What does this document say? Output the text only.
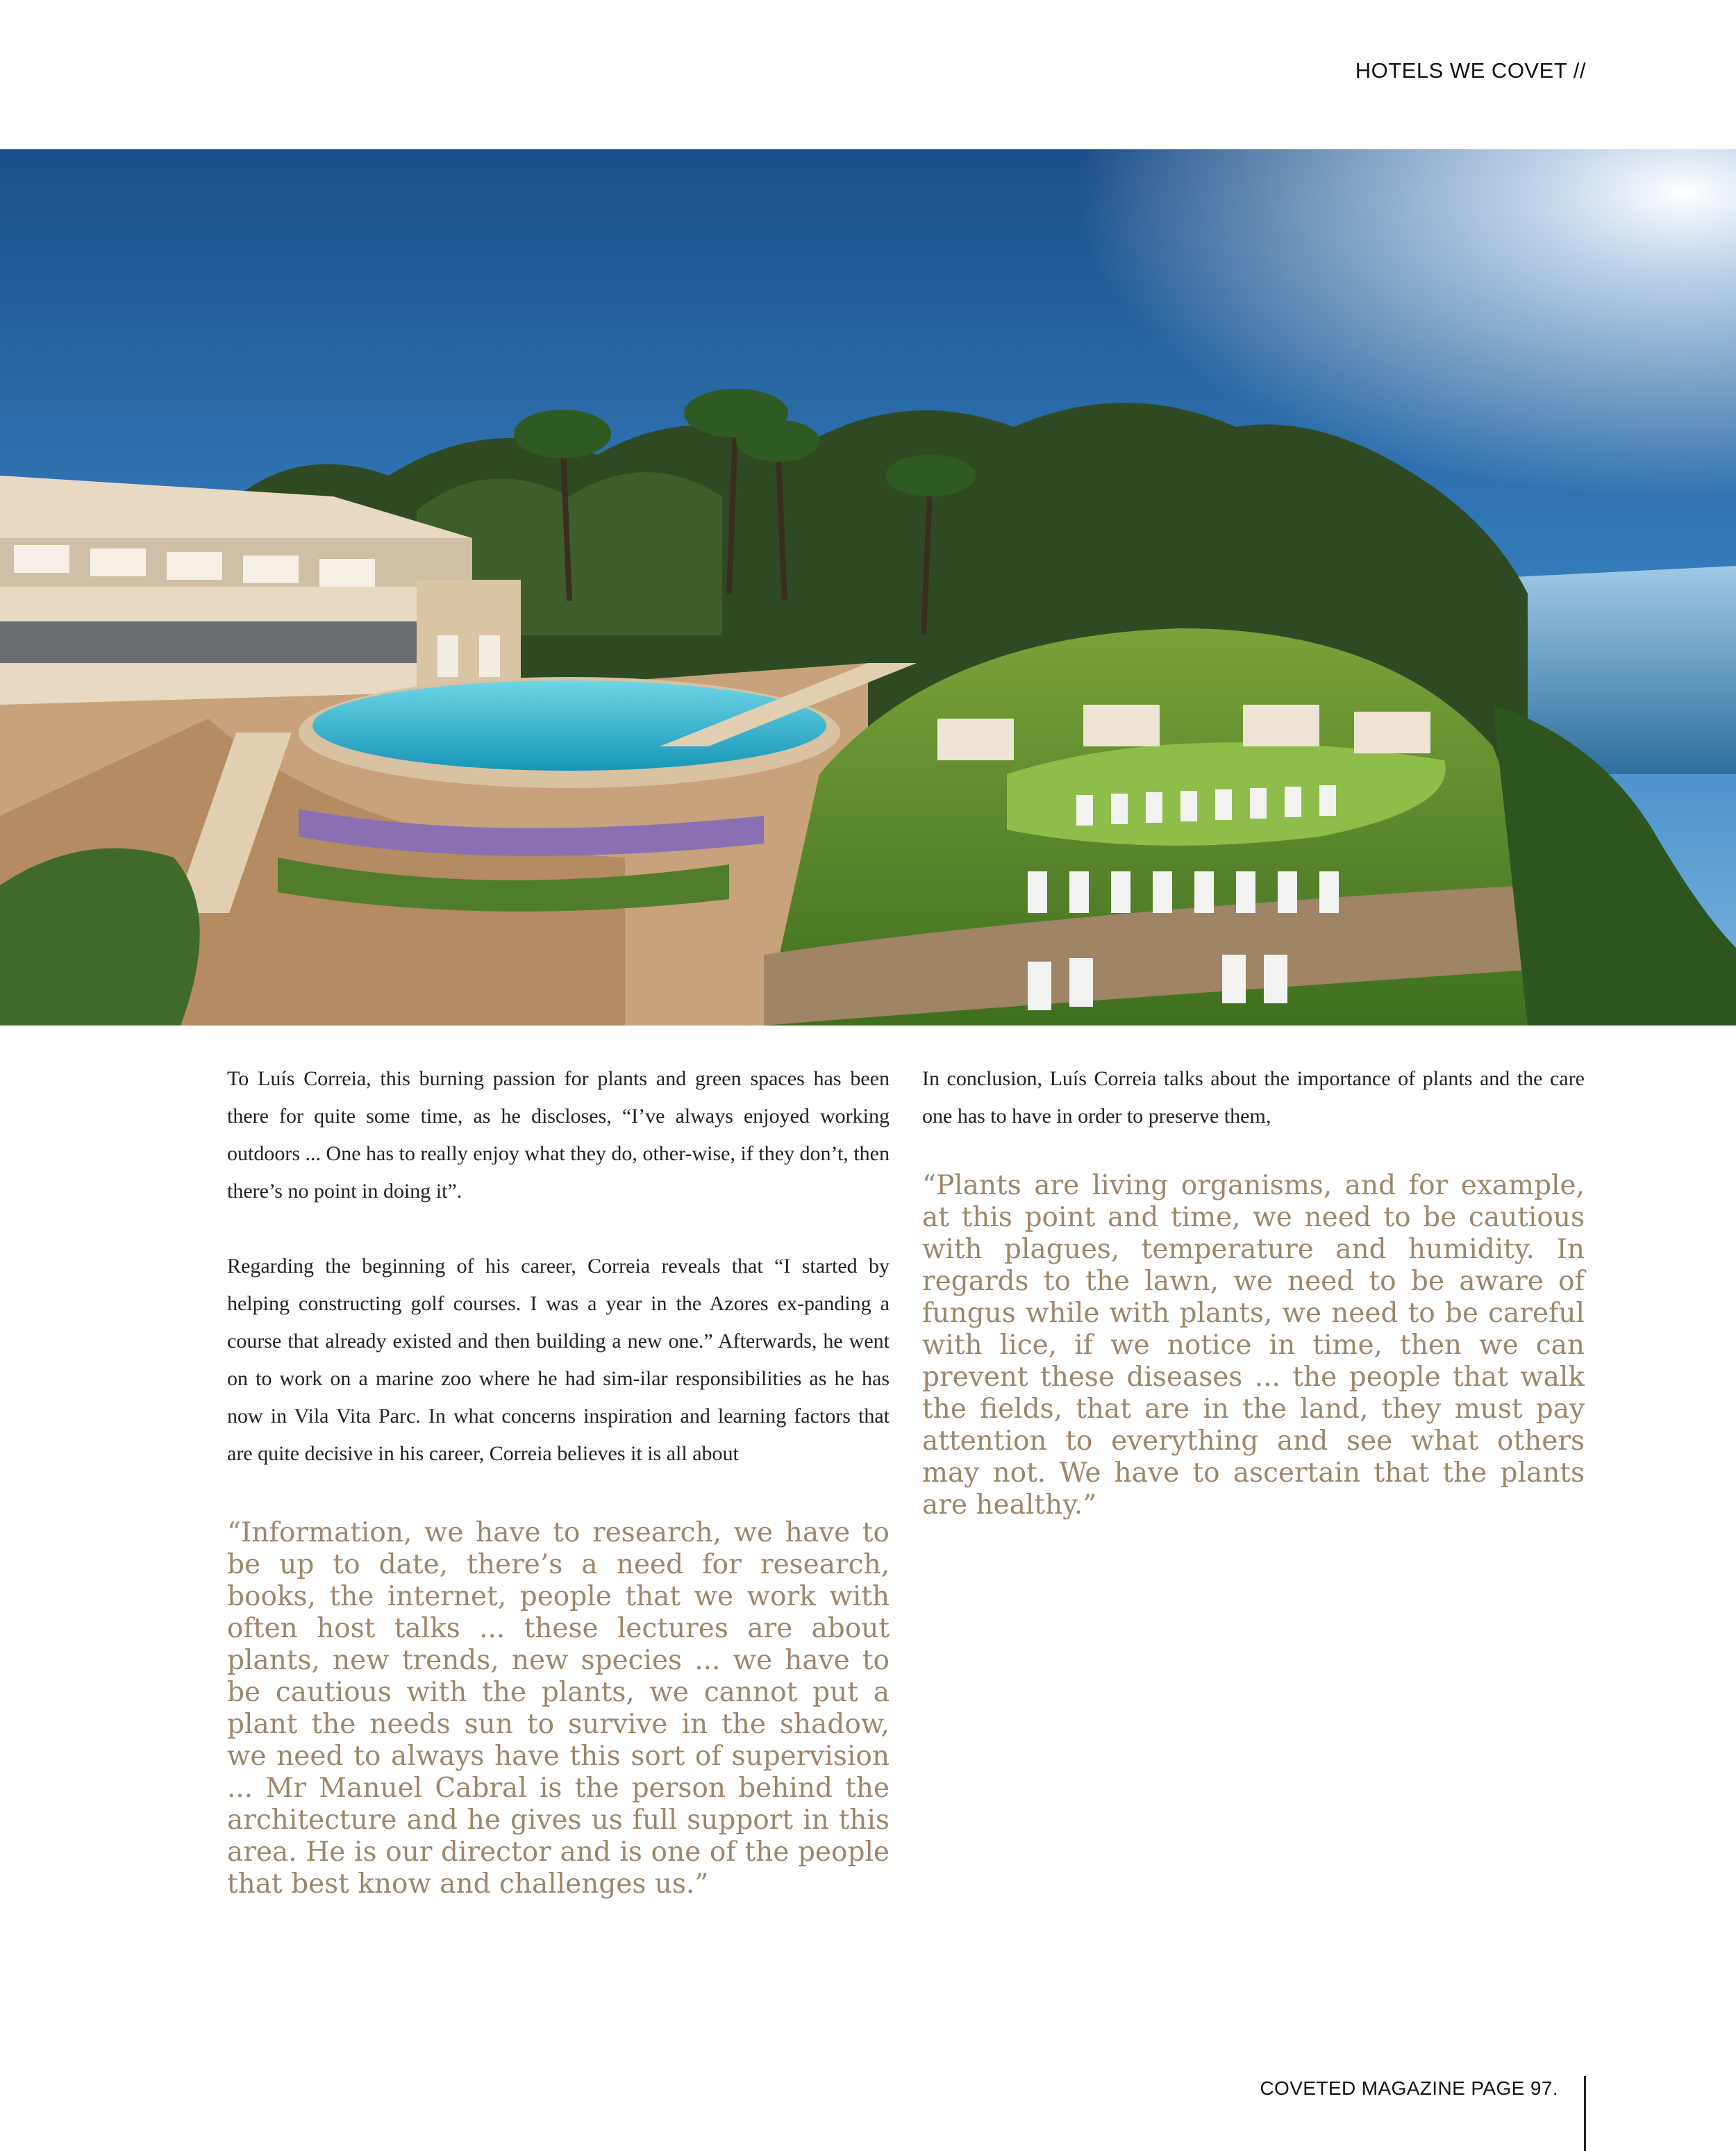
HOTELS WE COVET //

To Luís Correia, this burning passion for plants and green spaces has been there for quite some time, as he discloses, “I’ve always enjoyed working outdoors ... One has to really enjoy what they do, other-wise, if they don’t, then there’s no point in doing it”.

Regarding the beginning of his career, Correia reveals that “I started by helping constructing golf courses. I was a year in the Azores ex-panding a course that already existed and then building a new one.” Afterwards, he went on to work on a marine zoo where he had sim-ilar responsibilities as he has now in Vila Vita Parc. In what concerns inspiration and learning factors that are quite decisive in his career, Correia believes it is all about

“Information, we have to research, we have to be up to date, there’s a need for research, books, the internet, people that we work with often host talks ... these lectures are about plants, new trends, new species ... we have to be cautious with the plants, we cannot put a plant the needs sun to survive in the shadow, we need to always have this sort of supervision ... Mr Manuel Cabral is the person behind the architecture and he gives us full support in this area. He is our director and is one of the people that best know and challenges us.”

In conclusion, Luís Correia talks about the importance of plants and the care one has to have in order to preserve them,

“Plants are living organisms, and for example, at this point and time, we need to be cautious with plagues, temperature and humidity. In regards to the lawn, we need to be aware of fungus while with plants, we need to be careful with lice, if we notice in time, then we can prevent these diseases ... the people that walk the fields, that are in the land, they must pay attention to everything and see what others may not. We have to ascertain that the plants are healthy.”

COVETED MAGAZINE PAGE 97.
